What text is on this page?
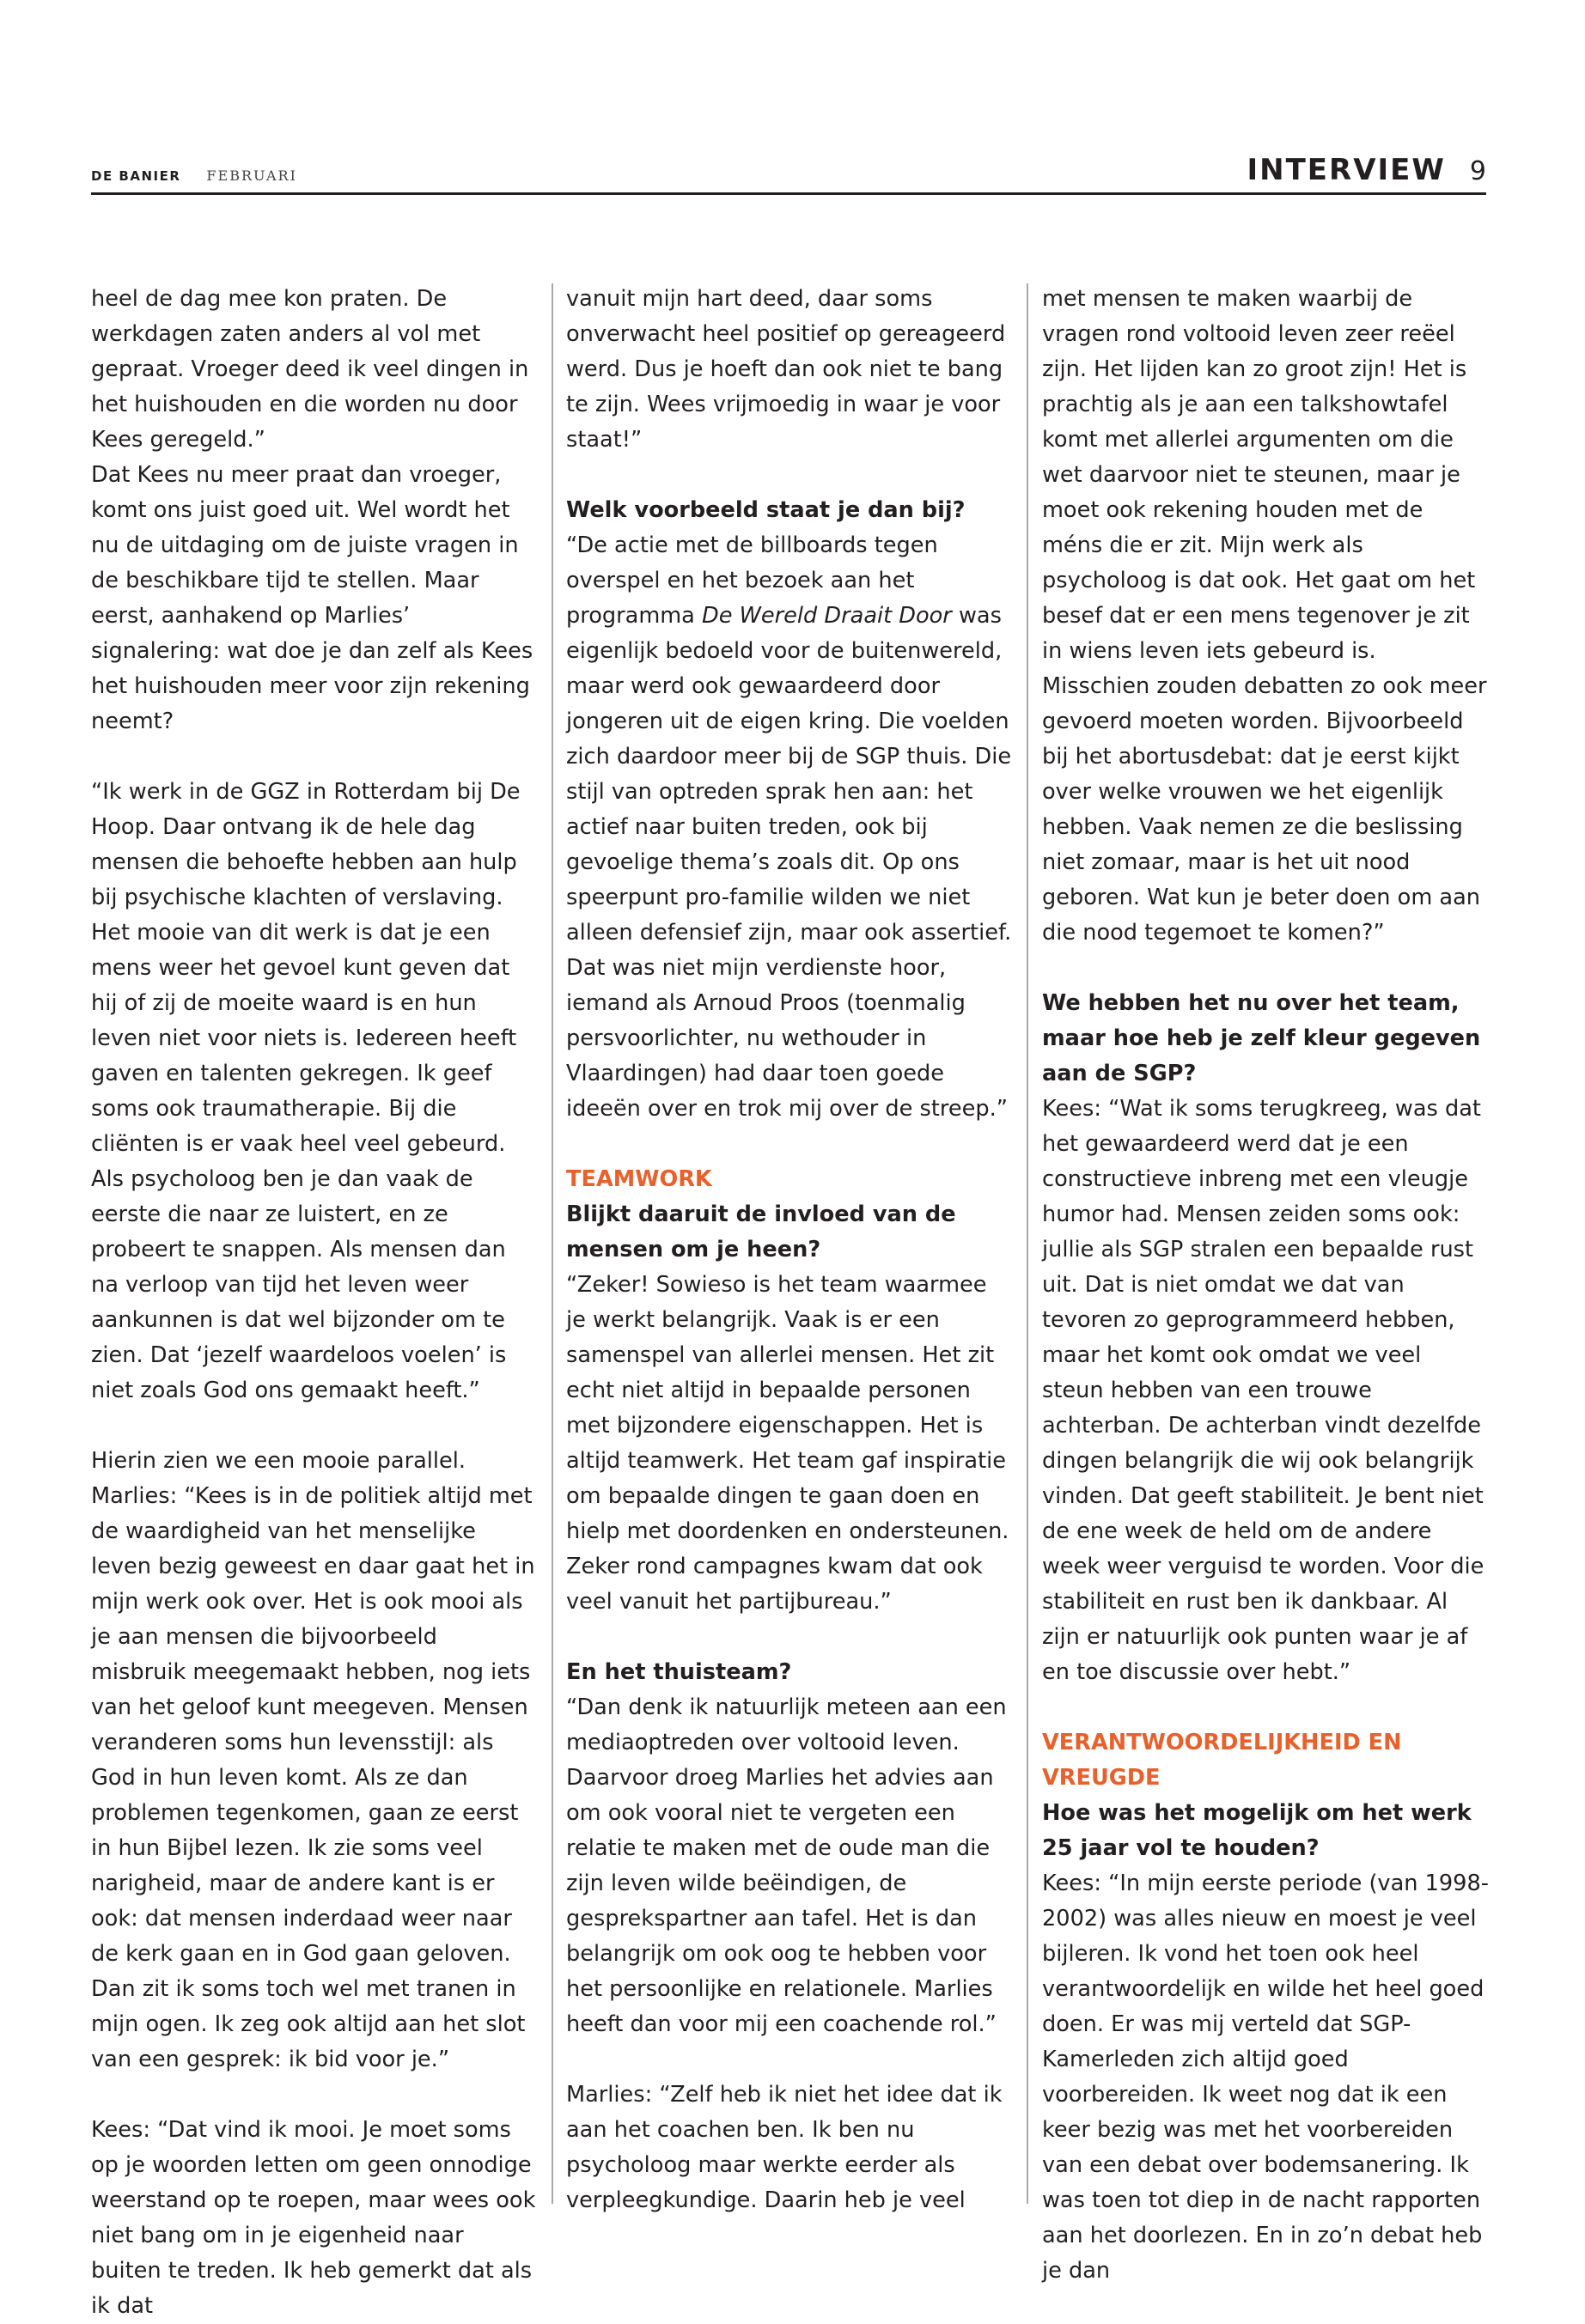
DE BANIER FEBRUARI	INTERVIEW 9

heel de dag mee kon praten. De werkdagen zaten anders al vol met gepraat. Vroeger deed ik veel dingen in het huishouden en die worden nu door Kees geregeld.”

Dat Kees nu meer praat dan vroeger, komt ons juist goed uit. Wel wordt het nu de uitdaging om de juiste vragen in de beschikbare tijd te stellen. Maar eerst, aanhakend op Marlies’ signalering: wat doe je dan zelf als Kees het huishouden meer voor zijn rekening neemt?

“Ik werk in de GGZ in Rotterdam bij De Hoop. Daar ontvang ik de hele dag mensen die behoefte hebben aan hulp bij psychische klachten of verslaving. Het mooie van dit werk is dat je een mens weer het gevoel kunt geven dat hij of zij de moeite waard is en hun leven niet voor niets is. Iedereen heeft gaven en talenten gekregen. Ik geef soms ook traumatherapie. Bij die cliënten is er vaak heel veel gebeurd. Als psycholoog ben je dan vaak de eerste die naar ze luistert, en ze probeert te snappen. Als mensen dan na verloop van tijd het leven weer aankunnen is dat wel bijzonder om te zien. Dat ‘jezelf waardeloos voelen’ is niet zoals God ons gemaakt heeft.”

Hierin zien we een mooie parallel.

Marlies: “Kees is in de politiek altijd met de waardigheid van het menselijke leven bezig geweest en daar gaat het in mijn werk ook over. Het is ook mooi als je aan mensen die bijvoorbeeld misbruik meegemaakt hebben, nog iets van het geloof kunt meegeven. Mensen veranderen soms hun levensstijl: als God in hun leven komt. Als ze dan problemen tegenkomen, gaan ze eerst in hun Bijbel lezen. Ik zie soms veel narigheid, maar de andere kant is er ook: dat mensen inderdaad weer naar de kerk gaan en in God gaan geloven. Dan zit ik soms toch wel met tranen in mijn ogen. Ik zeg ook altijd aan het slot van een gesprek: ik bid voor je.”

Kees: “Dat vind ik mooi. Je moet soms op je woorden letten om geen onnodige weerstand op te roepen, maar wees ook niet bang om in je eigenheid naar buiten te treden. Ik heb gemerkt dat als ik dat

vanuit mijn hart deed, daar soms onverwacht heel positief op gereageerd werd. Dus je hoeft dan ook niet te bang te zijn. Wees vrijmoedig in waar je voor staat!”

Welk voorbeeld staat je dan bij?

“De actie met de billboards tegen overspel en het bezoek aan het programma De Wereld Draait Door was eigenlijk bedoeld voor de buitenwereld, maar werd ook gewaardeerd door jongeren uit de eigen kring. Die voelden zich daardoor meer bij de SGP thuis. Die stijl van optreden sprak hen aan: het actief naar buiten treden, ook bij gevoelige thema’s zoals dit. Op ons speerpunt pro-familie wilden we niet alleen defensief zijn, maar ook assertief. Dat was niet mijn verdienste hoor, iemand als Arnoud Proos (toenmalig persvoorlichter, nu wethouder in Vlaardingen) had daar toen goede ideeën over en trok mij over de streep.”

TEAMWORK

Blijkt daaruit de invloed van de mensen om je heen?

“Zeker! Sowieso is het team waarmee je werkt belangrijk. Vaak is er een samenspel van allerlei mensen. Het zit echt niet altijd in bepaalde personen met bijzondere eigenschappen. Het is altijd teamwerk. Het team gaf inspiratie om bepaalde dingen te gaan doen en hielp met doordenken en ondersteunen. Zeker rond campagnes kwam dat ook veel vanuit het partijbureau.”

En het thuisteam?

“Dan denk ik natuurlijk meteen aan een mediaoptreden over voltooid leven. Daarvoor droeg Marlies het advies aan om ook vooral niet te vergeten een relatie te maken met de oude man die zijn leven wilde beëindigen, de gesprekspartner aan tafel. Het is dan belangrijk om ook oog te hebben voor het persoonlijke en relationele. Marlies heeft dan voor mij een coachende rol.”

Marlies: “Zelf heb ik niet het idee dat ik aan het coachen ben. Ik ben nu psycholoog maar werkte eerder als verpleegkundige. Daarin heb je veel

met mensen te maken waarbij de vragen rond voltooid leven zeer reëel zijn. Het lijden kan zo groot zijn! Het is prachtig als je aan een talkshowtafel komt met allerlei argumenten om die wet daarvoor niet te steunen, maar je moet ook rekening houden met de méns die er zit. Mijn werk als psycholoog is dat ook. Het gaat om het besef dat er een mens tegenover je zit in wiens leven iets gebeurd is. Misschien zouden debatten zo ook meer gevoerd moeten worden. Bijvoorbeeld bij het abortusdebat: dat je eerst kijkt over welke vrouwen we het eigenlijk hebben. Vaak nemen ze die beslissing niet zomaar, maar is het uit nood geboren. Wat kun je beter doen om aan die nood tegemoet te komen?”

We hebben het nu over het team, maar hoe heb je zelf kleur gegeven aan de SGP?

Kees: “Wat ik soms terugkreeg, was dat het gewaardeerd werd dat je een constructieve inbreng met een vleugje humor had. Mensen zeiden soms ook: jullie als SGP stralen een bepaalde rust uit. Dat is niet omdat we dat van tevoren zo geprogrammeerd hebben, maar het komt ook omdat we veel steun hebben van een trouwe achterban. De achterban vindt dezelfde dingen belangrijk die wij ook belangrijk vinden. Dat geeft stabiliteit. Je bent niet de ene week de held om de andere week weer verguisd te worden. Voor die stabiliteit en rust ben ik dankbaar. Al zijn er natuurlijk ook punten waar je af en toe discussie over hebt.”

VERANTWOORDELIJKHEID EN VREUGDE

Hoe was het mogelijk om het werk 25 jaar vol te houden?

Kees: “In mijn eerste periode (van 1998-2002) was alles nieuw en moest je veel bijleren. Ik vond het toen ook heel verantwoordelijk en wilde het heel goed doen. Er was mij verteld dat SGP-Kamerleden zich altijd goed voorbereiden. Ik weet nog dat ik een keer bezig was met het voorbereiden van een debat over bodemsanering. Ik was toen tot diep in de nacht rapporten aan het doorlezen. En in zo’n debat heb je dan
